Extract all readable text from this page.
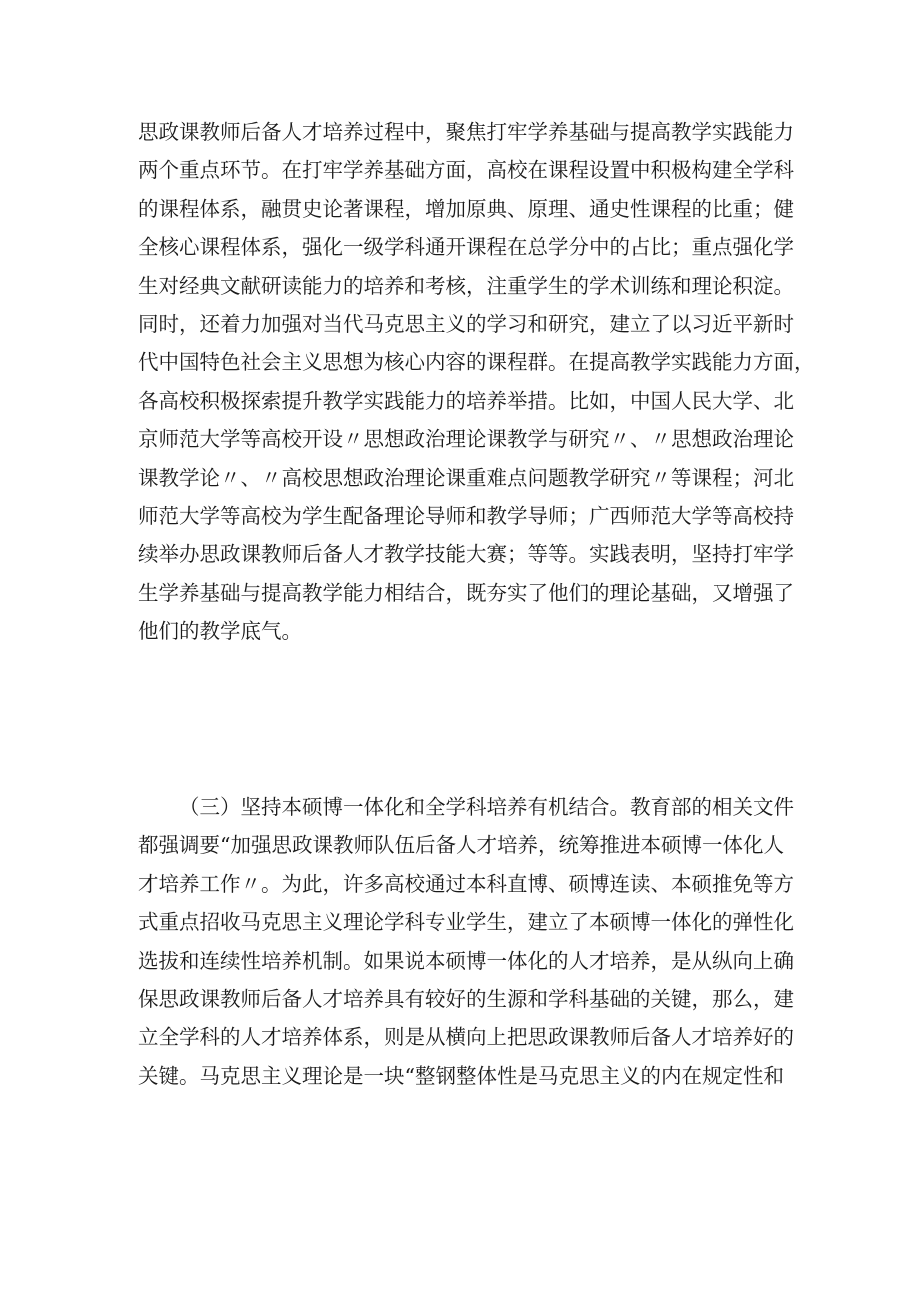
思政课教师后备人才培养过程中，聚焦打牢学养基础与提高教学实践能力
两个重点环节。在打牢学养基础方面，高校在课程设置中积极构建全学科
的课程体系，融贯史论著课程，增加原典、原理、通史性课程的比重；健
全核心课程体系，强化一级学科通开课程在总学分中的占比；重点强化学
生对经典文献研读能力的培养和考核，注重学生的学术训练和理论积淀。
同时，还着力加强对当代马克思主义的学习和研究，建立了以习近平新时
代中国特色社会主义思想为核心内容的课程群。在提高教学实践能力方面，
各高校积极探索提升教学实践能力的培养举措。比如，中国人民大学、北
京师范大学等高校开设〃思想政治理论课教学与研究〃、〃思想政治理论
课教学论〃、〃高校思想政治理论课重难点问题教学研究〃等课程；河北
师范大学等高校为学生配备理论导师和教学导师；广西师范大学等高校持
续举办思政课教师后备人才教学技能大赛；等等。实践表明，坚持打牢学
生学养基础与提高教学能力相结合，既夯实了他们的理论基础，又增强了
他们的教学底气。
（三）坚持本硕博一体化和全学科培养有机结合。教育部的相关文件
都强调要“加强思政课教师队伍后备人才培养，统筹推进本硕博一体化人
才培养工作〃。为此，许多高校通过本科直博、硕博连读、本硕推免等方
式重点招收马克思主义理论学科专业学生，建立了本硕博一体化的弹性化
选拔和连续性培养机制。如果说本硕博一体化的人才培养，是从纵向上确
保思政课教师后备人才培养具有较好的生源和学科基础的关键，那么，建
立全学科的人才培养体系，则是从横向上把思政课教师后备人才培养好的
关键。马克思主义理论是一块“整钢整体性是马克思主义的内在规定性和
